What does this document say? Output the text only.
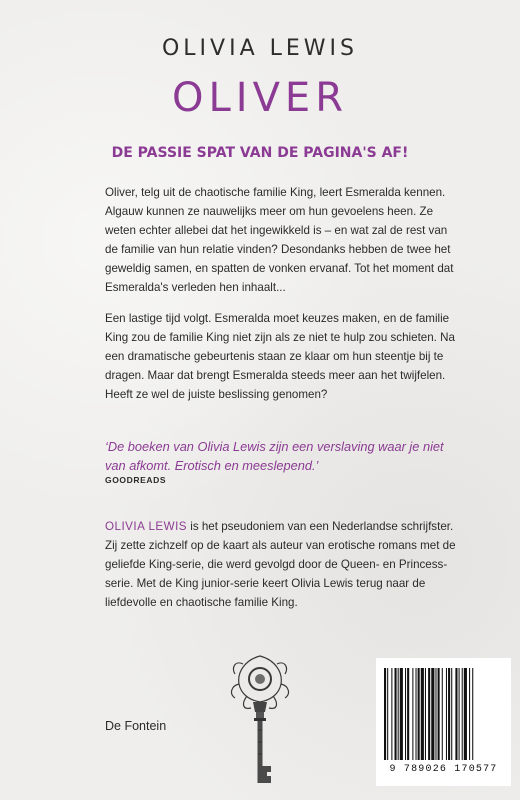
OLIVIA LEWIS
OLIVER
DE PASSIE SPAT VAN DE PAGINA'S AF!

Oliver, telg uit de chaotische familie King, leert Esmeralda kennen. Algauw kunnen ze nauwelijks meer om hun gevoelens heen. Ze weten echter allebei dat het ingewikkeld is – en wat zal de rest van de familie van hun relatie vinden? Desondanks hebben de twee het geweldig samen, en spatten de vonken ervanaf. Tot het moment dat Esmeralda's verleden hen inhaalt...

Een lastige tijd volgt. Esmeralda moet keuzes maken, en de familie King zou de familie King niet zijn als ze niet te hulp zou schieten. Na een dramatische gebeurtenis staan ze klaar om hun steentje bij te dragen. Maar dat brengt Esmeralda steeds meer aan het twijfelen. Heeft ze wel de juiste beslissing genomen?

‘De boeken van Olivia Lewis zijn een verslaving waar je niet van afkomt. Erotisch en meeslepend.’

GOODREADS

OLIVIA LEWIS is het pseudoniem van een Nederlandse schrijfster. Zij zette zichzelf op de kaart als auteur van erotische romans met de geliefde King-serie, die werd gevolgd door de Queen- en Princess-serie. Met de King junior-serie keert Olivia Lewis terug naar de liefdevolle en chaotische familie King.

De Fontein
9 789026 170577
